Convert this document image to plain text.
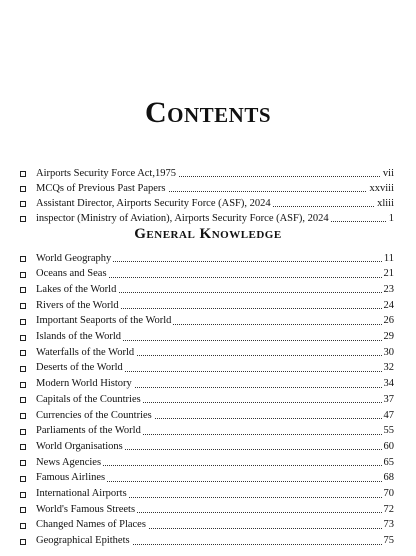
Contents
Airports Security Force Act,1975	vii
MCQs of Previous Past Papers	xxviii
Assistant Director, Airports Security Force (ASF), 2024	xliii
inspector (Ministry of Aviation), Airports Security Force (ASF), 2024	1
General Knowledge
World Geography	11
Oceans and Seas	21
Lakes of the World	23
Rivers of the World	24
Important Seaports of the World	26
Islands of the World	29
Waterfalls of the World	30
Deserts of the World	32
Modern World History	34
Capitals of the Countries	37
Currencies of the Countries	47
Parliaments of the World	55
World Organisations	60
News Agencies	65
Famous Airlines	68
International Airports	70
World's Famous Streets	72
Changed Names of Places	73
Geographical Epithets	75
